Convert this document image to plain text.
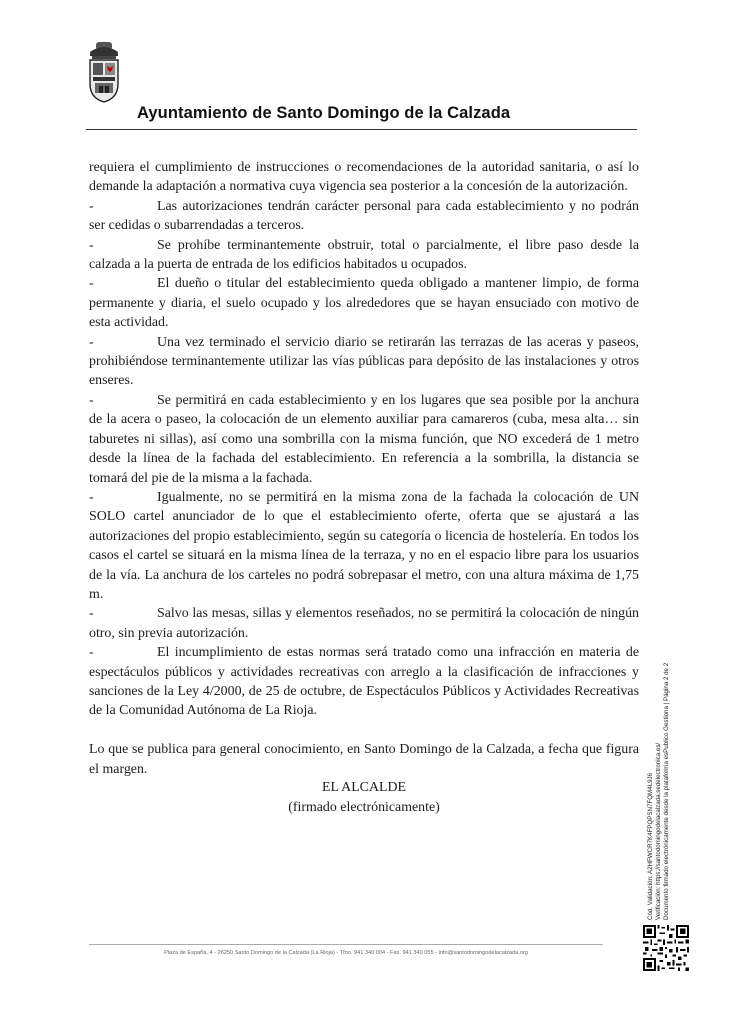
Ayuntamiento de Santo Domingo de la Calzada

requiera el cumplimiento de instrucciones o recomendaciones de la autoridad sanitaria, o así lo demande la adaptación a normativa cuya vigencia sea posterior a la concesión de la autorización.

-	Las autorizaciones tendrán carácter personal para cada establecimiento y no podrán ser cedidas o subarrendadas a terceros.

-	Se prohíbe terminantemente obstruir, total o parcialmente, el libre paso desde la calzada a la puerta de entrada de los edificios habitados u ocupados.

-	El dueño o titular del establecimiento queda obligado a mantener limpio, de forma permanente y diaria, el suelo ocupado y los alrededores que se hayan ensuciado con motivo de esta actividad.

-	Una vez terminado el servicio diario se retirarán las terrazas de las aceras y paseos, prohibiéndose terminantemente utilizar las vías públicas para depósito de las instalaciones y otros enseres.

-	Se permitirá en cada establecimiento y en los lugares que sea posible por la anchura de la acera o paseo, la colocación de un elemento auxiliar para camareros (cuba, mesa alta… sin taburetes ni sillas), así como una sombrilla con la misma función, que NO excederá de 1 metro desde la línea de la fachada del establecimiento. En referencia a la sombrilla, la distancia se tomará del pie de la misma a la fachada.

-	Igualmente, no se permitirá en la misma zona de la fachada la colocación de UN SOLO cartel anunciador de lo que el establecimiento oferte, oferta que se ajustará a las autorizaciones del propio establecimiento, según su categoría o licencia de hostelería. En todos los casos el cartel se situará en la misma línea de la terraza, y no en el espacio libre para los usuarios de la vía. La anchura de los carteles no podrá sobrepasar el metro, con una altura máxima de 1,75 m.

-	Salvo las mesas, sillas y elementos reseñados, no se permitirá la colocación de ningún otro, sin previa autorización.

-	El incumplimiento de estas normas será tratado como una infracción en materia de espectáculos públicos y actividades recreativas con arreglo a la clasificación de infracciones y sanciones de la Ley 4/2000, de 25 de octubre, de Espectáculos Públicos y Actividades Recreativas de la Comunidad Autónoma de La Rioja.

Lo que se publica para general conocimiento, en Santo Domingo de la Calzada, a fecha que figura el margen.

EL ALCALDE
(firmado electrónicamente)
Plaza de España, 4 - 26250 Santo Domingo de la Calzada (La Rioja) - Tfno. 941 340 004 - Fax. 941 340 055 - info@santodomingodelacalzada.org
Cód. Validación: A2HFWCR7K4FPQPSN7FQM4L9J6 Verificación: https://santodomingodelacalzada.sedelectronica.es/ Documento firmado electrónicamente desde la plataforma esPublico Gestiona | Página 2 de 2
